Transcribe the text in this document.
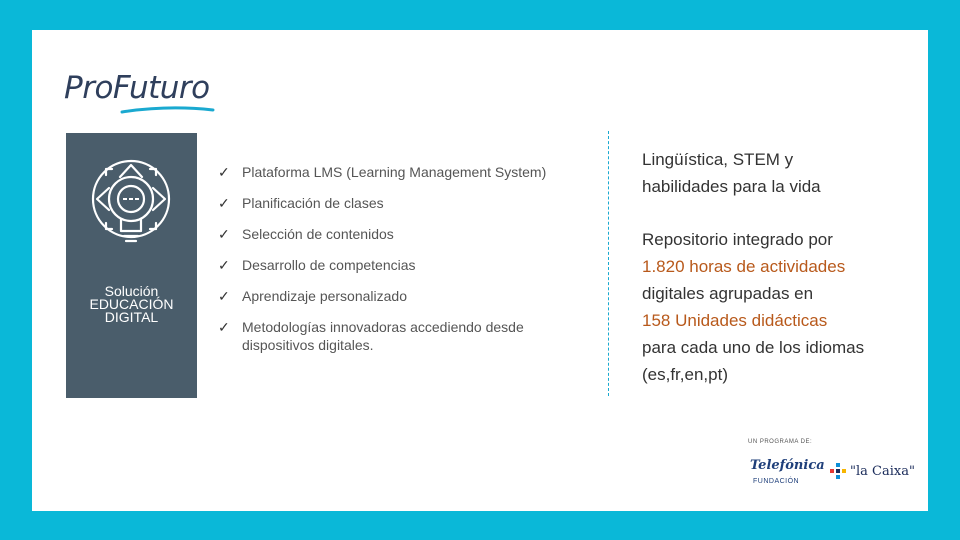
ProFuturo
Solución EDUCACIÓN DIGITAL
✓ Plataforma LMS (Learning Management System)
✓ Planificación de clases
✓ Selección de contenidos
✓ Desarrollo de competencias
✓ Aprendizaje personalizado
✓ Metodologías innovadoras accediendo desde dispositivos digitales.
Lingüística, STEM y
habilidades para la vida
Repositorio integrado por
1.820 horas de actividades
digitales agrupadas en
158 Unidades didácticas
para cada uno de los idiomas
(es,fr,en,pt)
UN PROGRAMA DE:
Telefónica
FUNDACIÓN
"la Caixa"
